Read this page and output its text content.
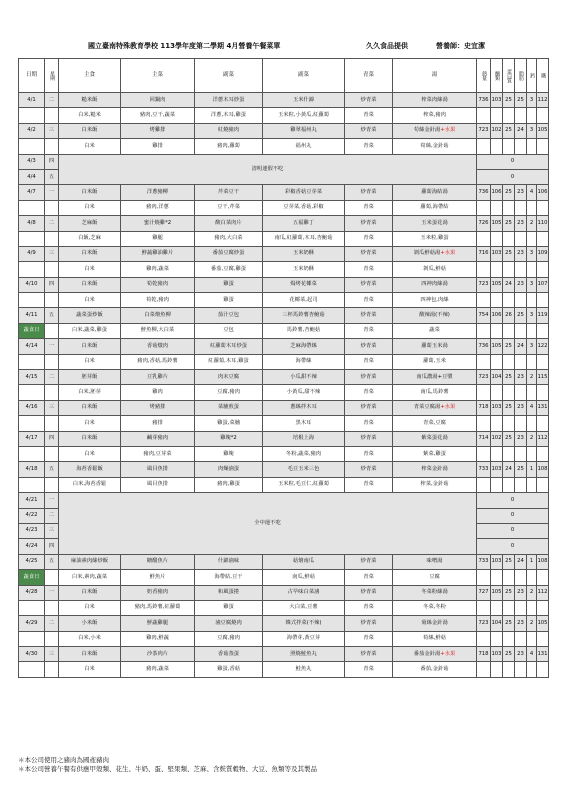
國立臺南特殊教育學校 113學年度第二學期 4月營養午餐菜單	久久食品提供	營養師：史宜潔
日期	星期	主食	主菜	副菜	副菜	青菜	湯	熱量	醣類	蛋白質	脂肪	鈣	鐵
4/1	二	糙米飯	回鍋肉	洋蔥木耳炒蛋	玉米什錦	炒青菜	榨菜肉絲湯	736	103	25	25	3	112
		白米,糙米	豬肉,豆干,蔬菜	洋蔥,木耳,雞蛋	玉米粒,小黃瓜,紅蘿蔔	青菜	榨菜,豬肉						
4/2	三	白米飯	烤雞排	紅燒豬肉	雞翠福州丸	炒青菜	苟絲金針湯+水果	723	102	25	24	3	105
		白米	雞排	豬肉,蘿蔔	福州丸	青菜	筍絲,金針菇						
4/3	四	清明連假不吃						0					
4/4	五							0					
4/7	一	白米飯	洋蔥豬柳	芹菜豆干	彩椒香菇豆芽菜	炒青菜	蘿蔔海結湯	736	106	25	23	4	106
		白米	豬肉,洋蔥	豆干,芹菜	豆芽菜,香菇,彩椒	青菜	蘿蔔,海帶結						
4/8	二	芝麻飯	蜜汁燒雞*2	酸白菜肉片	五福雞丁	炒青菜	玉米蛋花湯	726	105	25	23	2	110
		白飯,芝麻	雞腿	豬肉,大白菜	南瓜,紅蘿蔔,木耳,杏鮑菇	青菜	玉米粒,雞蛋						
4/9	三	白米飯	鮮蔬雞油雞片	番茄豆腐炒蛋	玉米奶酥	炒青菜	剝瓜鮮菇湯+水果	716	103	25	23	3	109
		白米	雞肉,蔬菜	番茄,豆腐,雞蛋	玉米奶酥	青菜	剝瓜,鮮菇						
4/10	四	白米飯	筍乾豬肉	雞蛋	焗烤花椰菜	炒青菜	四神肉絲湯	723	105	24	23	3	107
		白米	筍乾,豬肉	雞蛋	花椰菜,起司	青菜	四神包,肉絲						
4/11	五	蔬菜蛋炒飯	白菜燴魚柳	茄汁豆包	三杯馬鈴薯杏鮑菇	炒青菜	酸辣湯(不辣)	754	106	26	25	3	119
蔬食日		白米,蔬菜,雞蛋	鮮魚柳,大白菜	豆包	馬鈴薯,杏鮑菇	青菜	蔬菜						
4/14	一	白米飯	香菇燉肉	紅蘿蔔木耳炒蛋	芝麻海帶絲	炒青菜	蘿蔔玉米湯	736	105	25	24	3	122
		白米	豬肉,香菇,馬鈴薯	紅蘿蔔,木耳,雞蛋	海帶絲	青菜	蘿蔔,玉米						
4/15	二	胚芽飯	豆乳雞片	肉末豆腐	小瓜甜不辣	炒青菜	南瓜濃湯+豆漿	723	104	25	23	2	115
		白米,胚芽	雞肉	豆腐,豬肉	小黃瓜,甜不辣	青菜	南瓜,馬鈴薯						
4/16	三	白米飯	烤豬排	菜脯煎蛋	蔥絲拌木耳	炒青菜	青菜豆腐湯+水果	718	103	25	23	4	131
		白米	豬排	雞蛋,菜脯	黑木耳	青菜	青菜,豆腐						
4/17	四	白米飯	鹹芽豬肉	雞塊*2	培根上海	炒青菜	紫菜蛋花湯	714	102	25	23	2	112
		白米	豬肉,豆芽菜	雞塊	冬粉,蔬菜,豬肉	青菜	紫菜,雞蛋						
4/18	五	海苔香鬆飯	風目魚排	肉燥滷蛋	毛豆玉米三色	炒青菜	榨菜金針湯	733	103	24	25	1	108
		白米,海苔香鬆	風目魚排	豬肉,雞蛋	玉米粒,毛豆仁,紅蘿蔔	青菜	榨菜,金針菇						
4/21	一	全中運不吃						0					
4/22	二							0					
4/23	三							0					
4/24	四							0					
4/25	五	麻油素肉絲炒飯	糖醋魚片	什錦滷味	菇燴南瓜	炒青菜	味噌湯	733	103	25	24	1	108
蔬食日		白米,素肉,蔬菜	鮮魚片	海帶結,豆干	南瓜,鮮菇	青菜	豆腐						
4/28	一	白米飯	奶香豬肉	和風蛋捲	古早味白菜滷	炒青菜	冬菜粉絲湯	727	105	25	23	2	112
		白米	豬肉,馬鈴薯,紅蘿蔔	雞蛋	大白菜,豆薯	青菜	冬菜,冬粉						
4/29	二	小米飯	鮮蔬雞腿	滷豆腐燒肉	韓式拌菜(不辣)	炒青菜	菊絲金針湯	723	104	25	23	2	105
		白米,小米	雞肉,鮮蔬	豆腐,豬肉	海帶芽,黃豆芽	青菜	筍絲,鮮菇						
4/30	三	白米飯	沙茶肉片	香菇蒸蛋	照燒鮭魚丸	炒青菜	番茄金針湯+水果	718	103	25	23	4	131
		白米	豬肉,蔬菜	雞蛋,香菇	鮭魚丸	青菜	番茄,金針菇						
＊本公司使用之豬肉為國產豬肉
＊本公司營養午餐有供應甲殼類、花生、牛奶、蛋、堅果類、芝麻、含麩質穀物、大豆、魚類等及其製品
